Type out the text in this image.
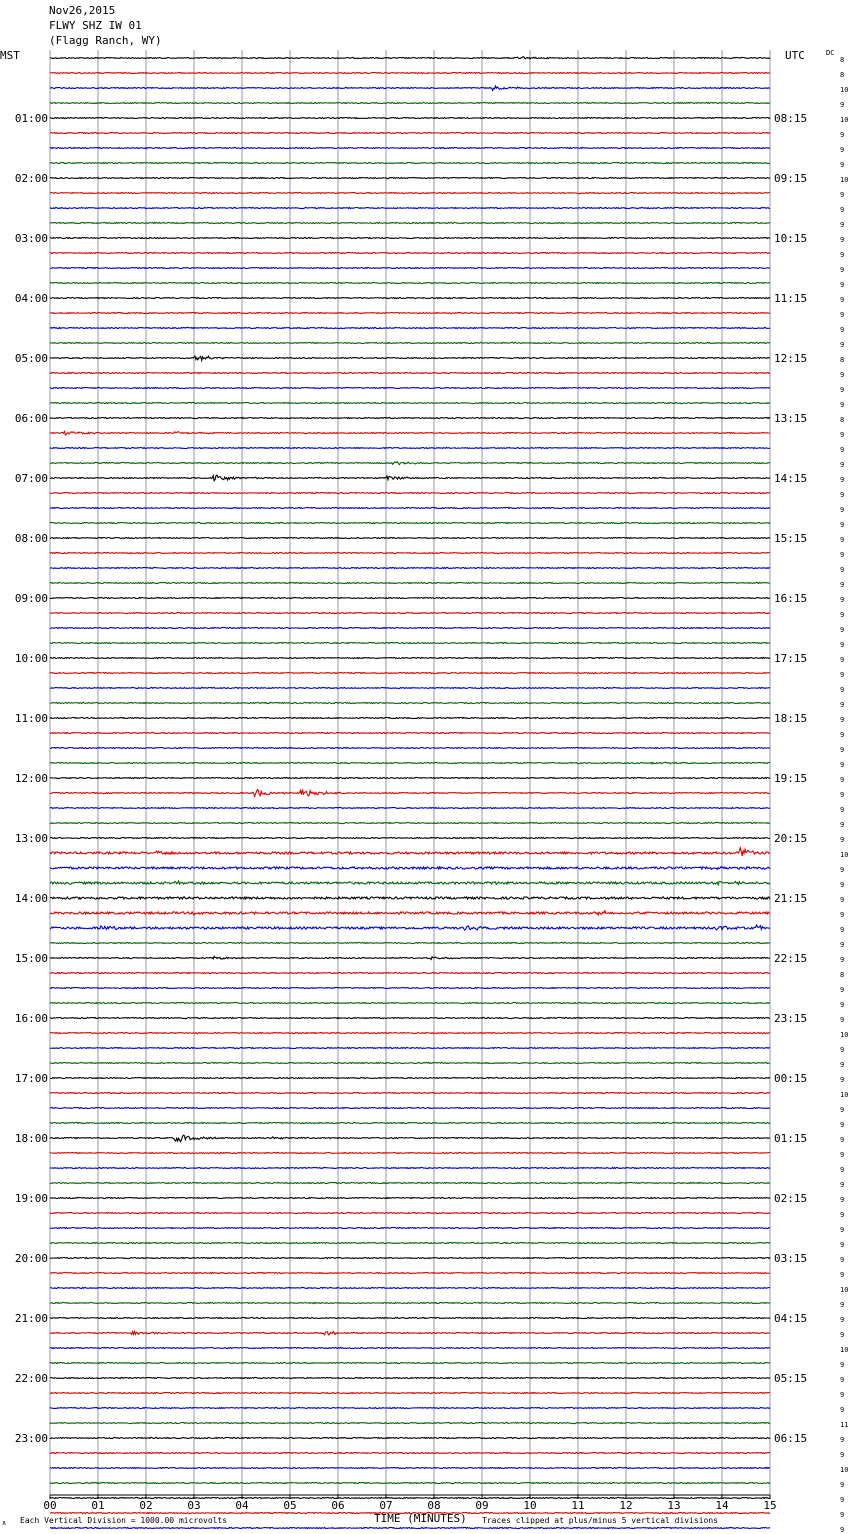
Nov26,2015
FLWY SHZ IW 01
(Flagg Ranch, WY)
MST	UTC	DC
8
8
10
9
10
9
9
9
10
9
9
9
9
9
9
9
9
9
9
9
8
9
9
9
8
9
9
9
9
9
9
9
9
9
9
9
9
9
9
9
9
9
9
9
9
9
9
9
9
9
9
9
9
10
9
9
9
9
9
9
9
8
9
9
9
10
9
9
9
10
9
9
9
9
9
9
9
9
9
9
9
9
10
9
9
9
10
9
9
9
9
11
9
9
10
9
9
9
9
01:00
02:00
03:00
04:00
05:00
06:00
07:00
08:00
09:00
10:00
11:00
12:00
13:00
14:00
15:00
16:00
17:00
18:00
19:00
20:00
21:00
22:00
23:00
08:15
09:15
10:15
11:15
12:15
13:15
14:15
15:15
16:15
17:15
18:15
19:15
20:15
21:15
22:15
23:15
00:15
01:15
02:15
03:15
04:15
05:15
06:15
00	01	02	03	04	05	06	07	08	09	10	11	12	13	14	15
∧ Each Vertical Division = 1000.00 microvolts	TIME (MINUTES) Traces clipped at plus/minus 5 vertical divisions
